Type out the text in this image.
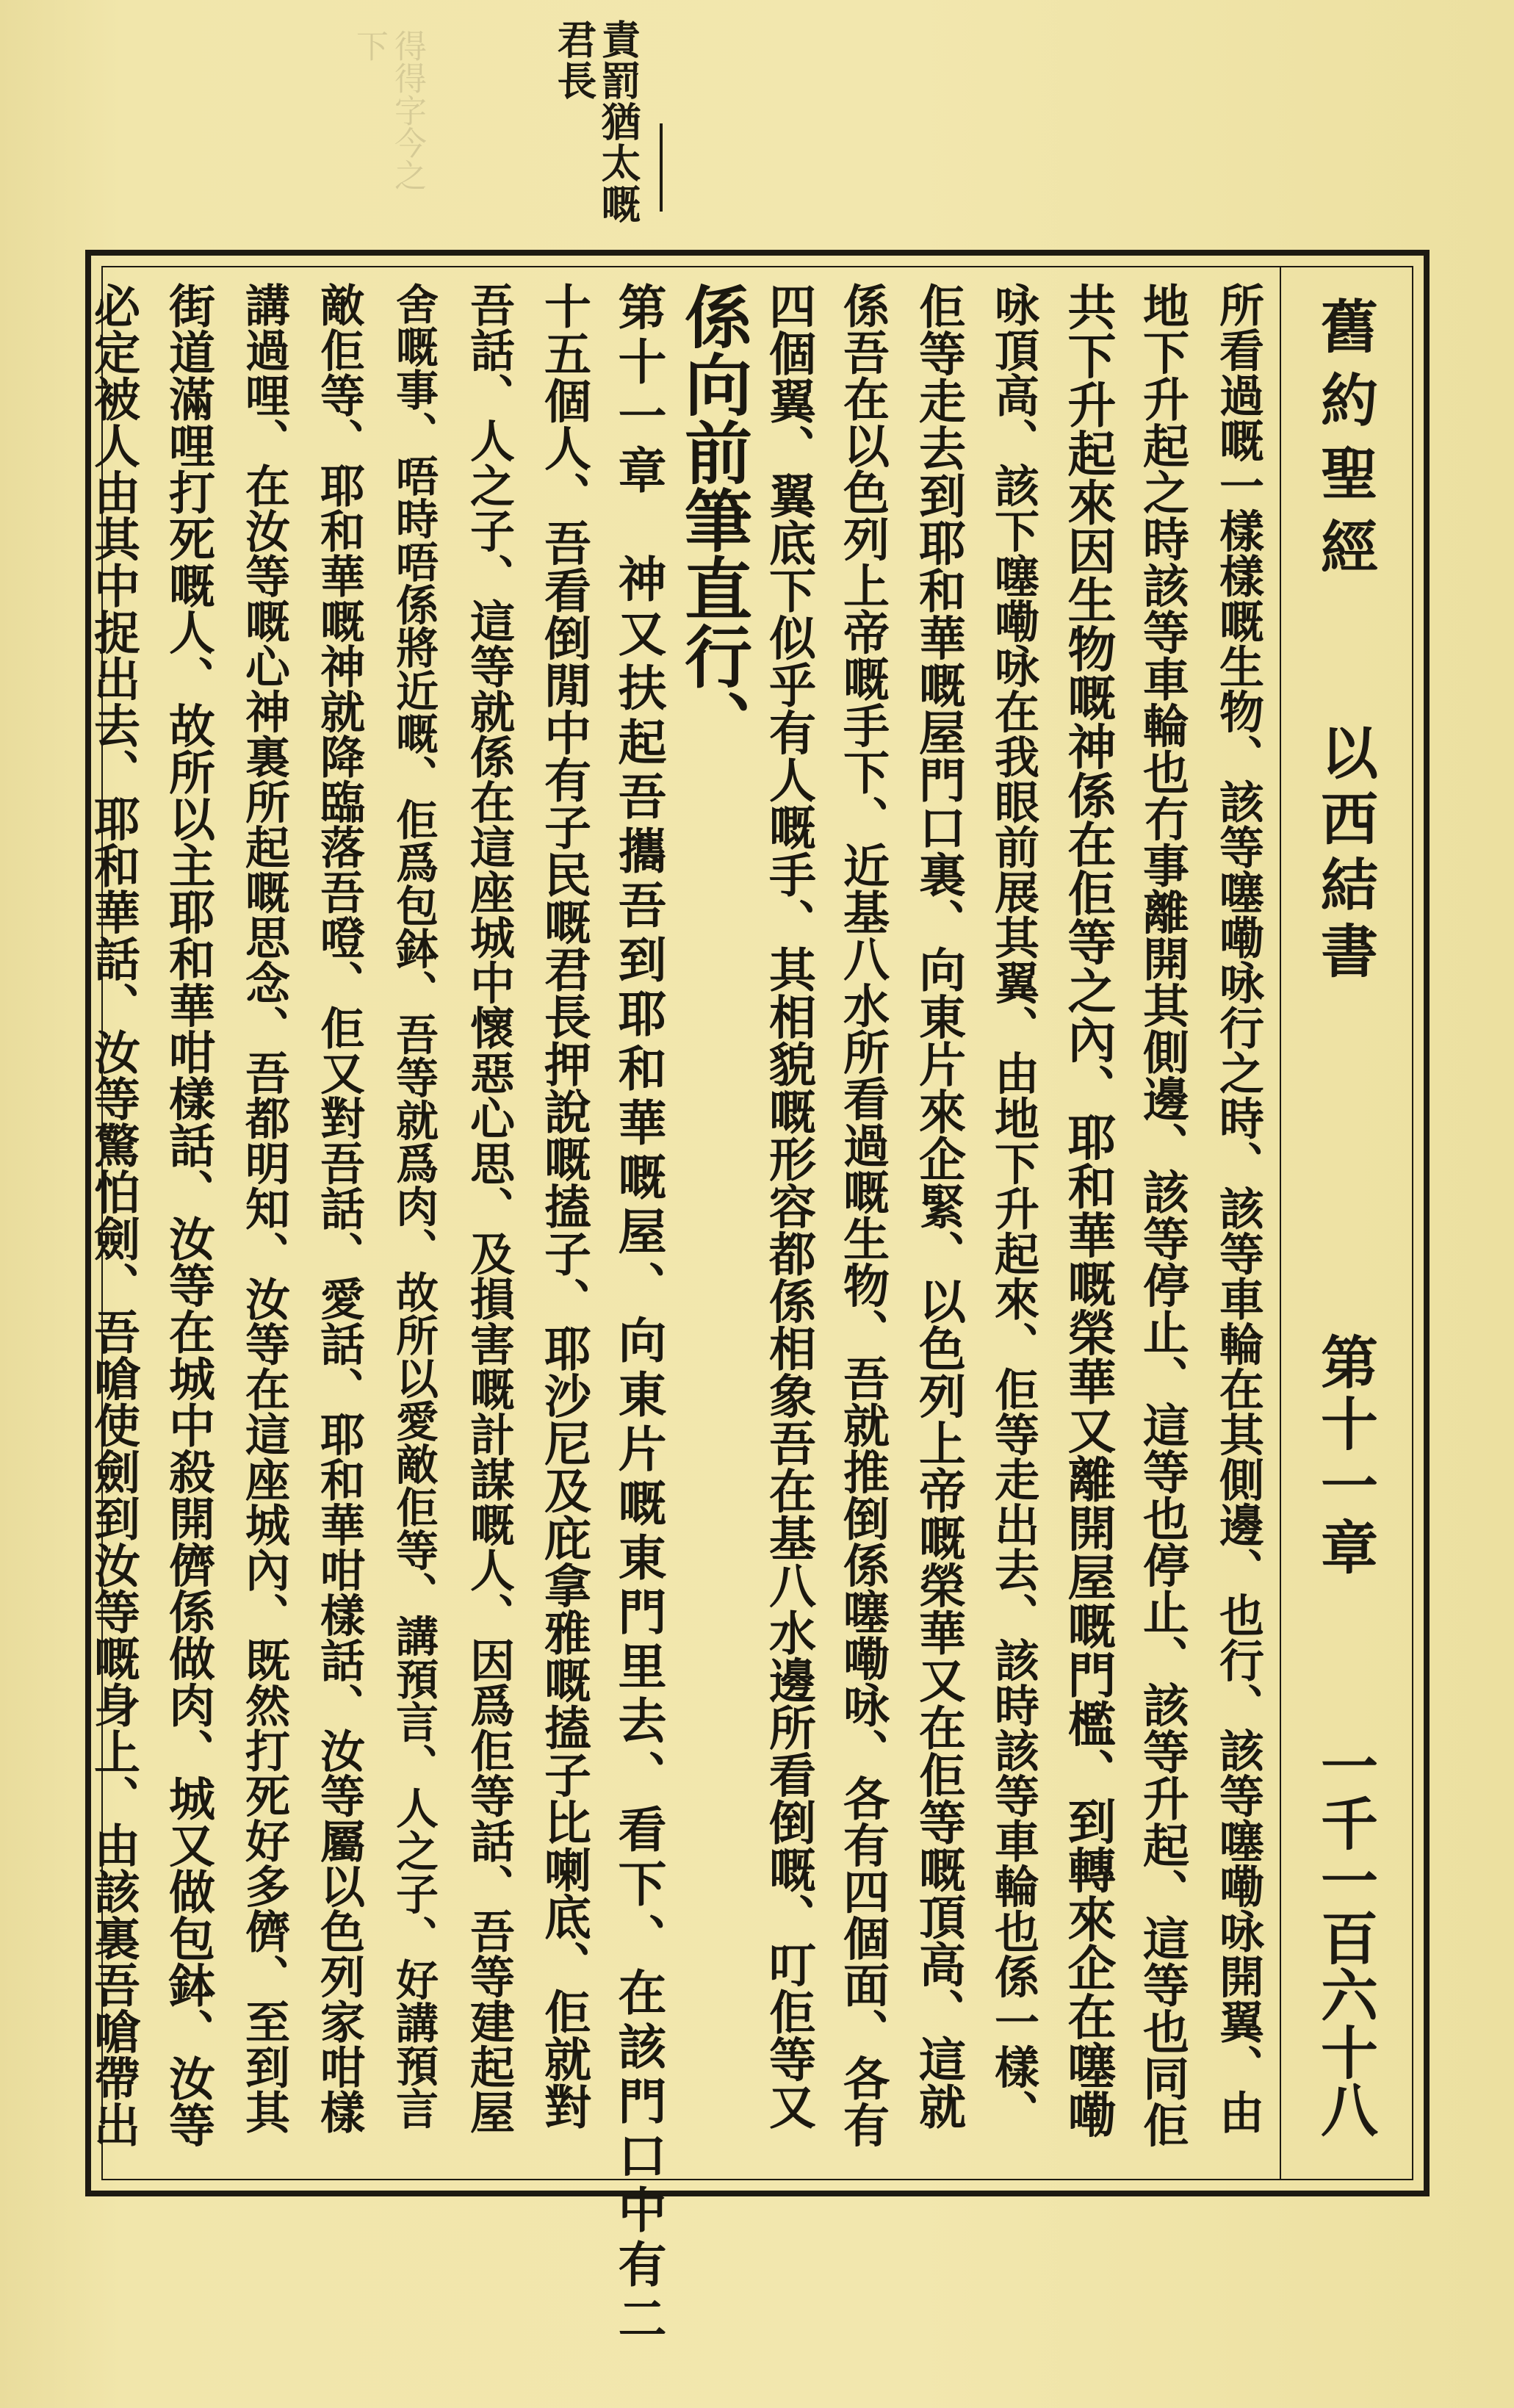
得得字今之下	責罰猶太嘅
君長
舊約聖經
以西結書
第十一章
一千一百六十八
所看過嘅一樣樣嘅生物、該等噻嘞咏行之時、該等車輪在其側邊、也行、該等噻嘞咏開翼、由
地下升起之時該等車輪也冇事離開其側邊、該等停止、這等也停止、該等升起、這等也同佢
共下升起來因生物嘅神係在佢等之內、耶和華嘅榮華又離開屋嘅門檻、到轉來企在噻嘞
咏頂高、該下噻嘞咏在我眼前展其翼、由地下升起來、佢等走出去、該時該等車輪也係一樣、
佢等走去到耶和華嘅屋門口裏、向東片來企緊、以色列上帝嘅榮華又在佢等嘅頂高、這就
係吾在以色列上帝嘅手下、近基八水所看過嘅生物、吾就推倒係噻嘞咏、各有四個面、各有
四個翼、翼底下似乎有人嘅手、其相貌嘅形容都係相象吾在基八水邊所看倒嘅、叮佢等又
係向前筆直行、
第十一章　神又扶起吾攜吾到耶和華嘅屋、向東片嘅東門里去、看下、在該門口中有二
十五個人、吾看倒閒中有子民嘅君長押說嘅搕子、耶沙尼及庇拿雅嘅搕子比喇底、佢就對
吾話、人之子、這等就係在這座城中懷惡心思、及損害嘅計謀嘅人、因爲佢等話、吾等建起屋
舍嘅事、唔時唔係將近嘅、佢爲包鉢、吾等就爲肉、故所以愛敵佢等、講預言、人之子、好講預言
敵佢等、耶和華嘅神就降臨落吾噔、佢又對吾話、愛話、耶和華咁樣話、汝等屬以色列家咁樣
講過哩、在汝等嘅心神裏所起嘅思念、吾都明知、汝等在這座城內、既然打死好多儕、至到其
街道滿哩打死嘅人、故所以主耶和華咁樣話、汝等在城中殺開儕係做肉、城又做包鉢、汝等
必定被人由其中捉出去、耶和華話、汝等驚怕劍、吾嗆使劍到汝等嘅身上、由該裏吾嗆帶出
